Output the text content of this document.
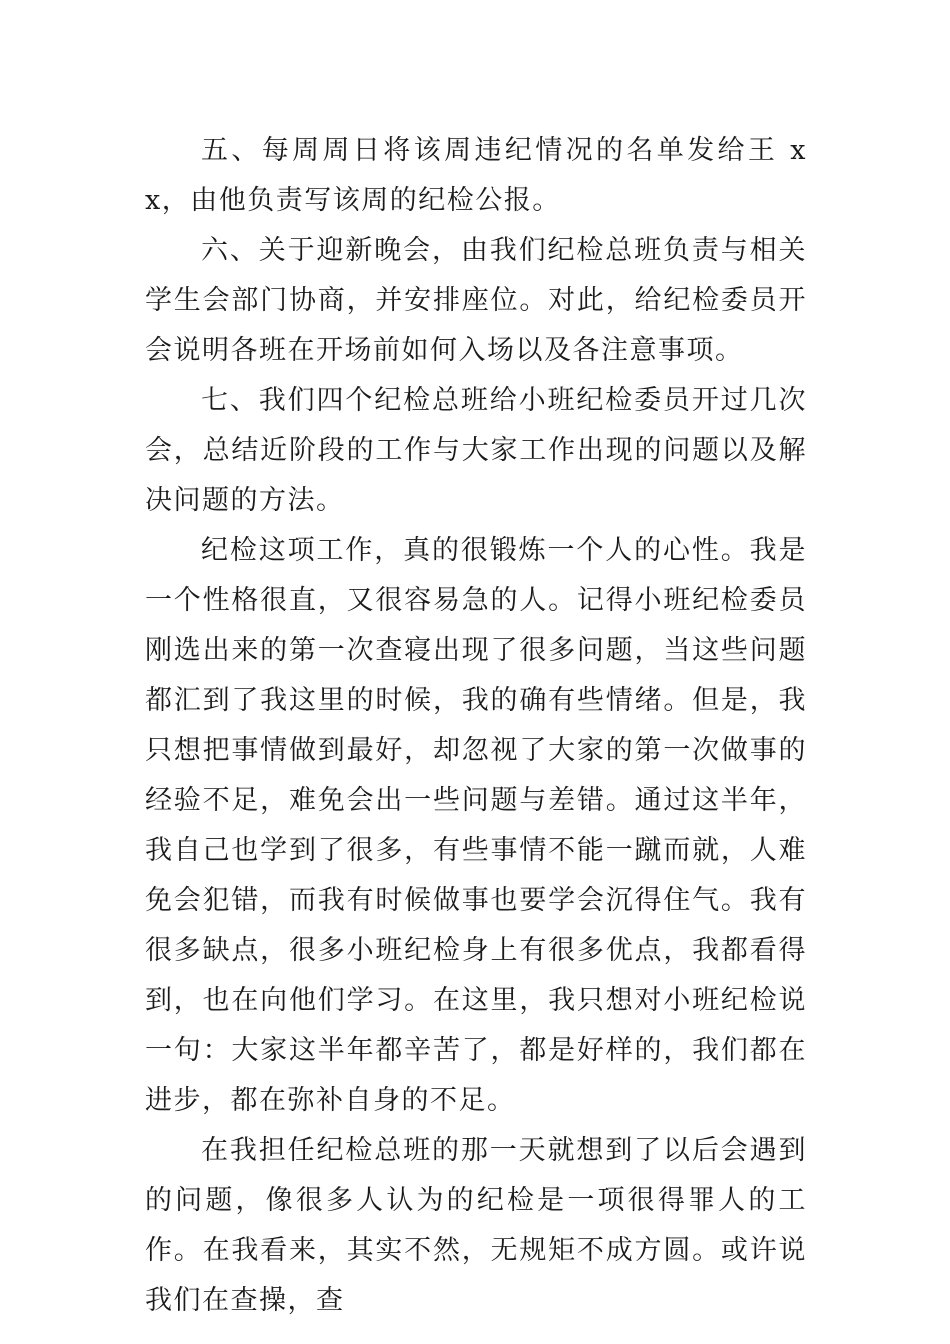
五、每周周日将该周违纪情况的名单发给王 xx，由他负责写该周的纪检公报。

六、关于迎新晚会，由我们纪检总班负责与相关学生会部门协商，并安排座位。对此，给纪检委员开会说明各班在开场前如何入场以及各注意事项。

七、我们四个纪检总班给小班纪检委员开过几次会，总结近阶段的工作与大家工作出现的问题以及解决问题的方法。

纪检这项工作，真的很锻炼一个人的心性。我是一个性格很直，又很容易急的人。记得小班纪检委员刚选出来的第一次查寝出现了很多问题，当这些问题都汇到了我这里的时候，我的确有些情绪。但是，我只想把事情做到最好，却忽视了大家的第一次做事的经验不足，难免会出一些问题与差错。通过这半年，我自己也学到了很多，有些事情不能一蹴而就，人难免会犯错，而我有时候做事也要学会沉得住气。我有很多缺点，很多小班纪检身上有很多优点，我都看得到，也在向他们学习。在这里，我只想对小班纪检说一句：大家这半年都辛苦了，都是好样的，我们都在进步，都在弥补自身的不足。

在我担任纪检总班的那一天就想到了以后会遇到的问题，像很多人认为的纪检是一项很得罪人的工作。在我看来，其实不然，无规矩不成方圆。或许说我们在查操，查
